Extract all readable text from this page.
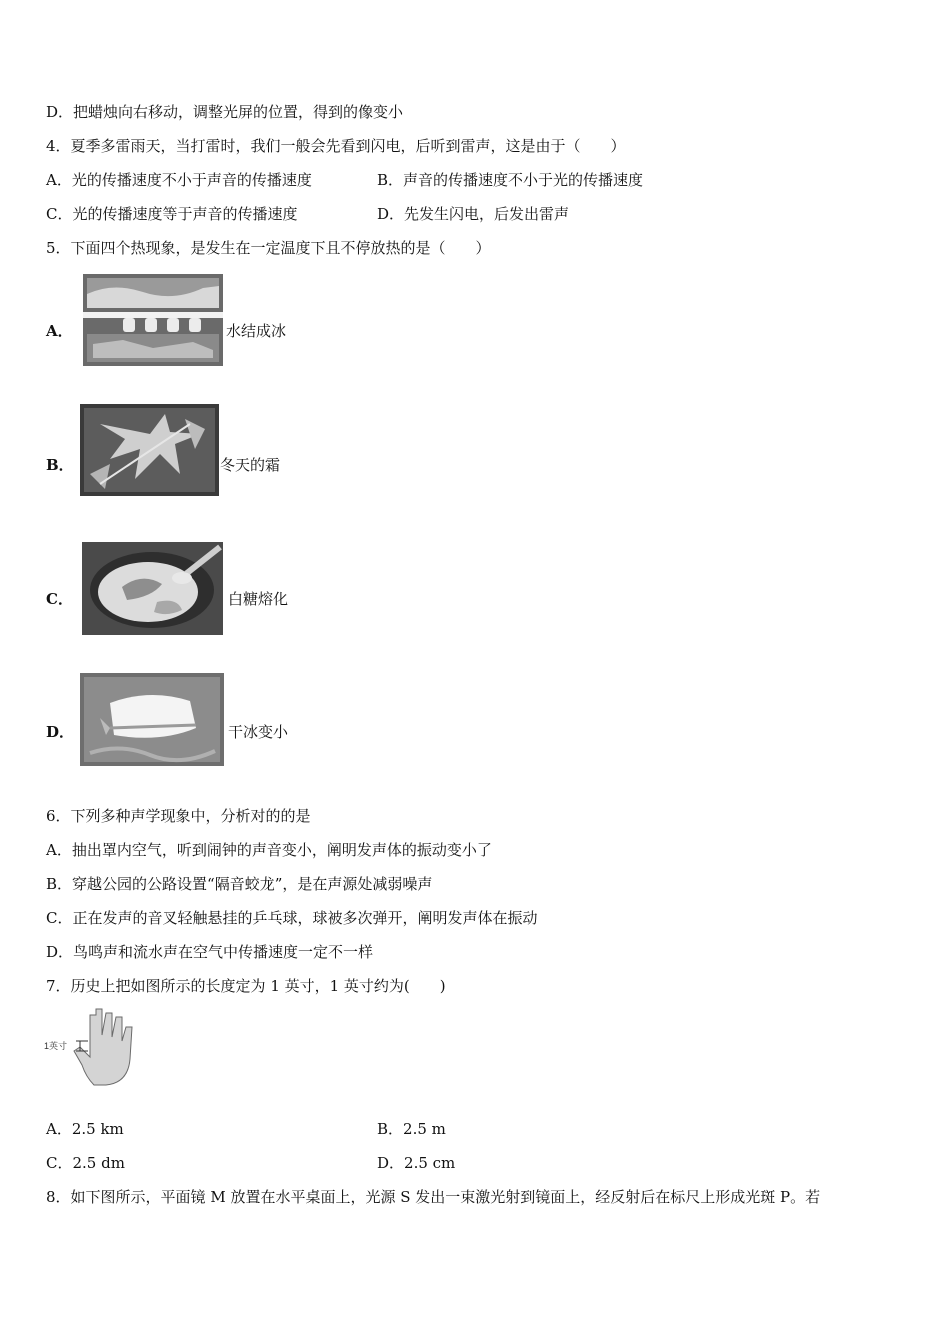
D．把蜡烛向右移动，调整光屏的位置，得到的像变小
4．夏季多雷雨天，当打雷时，我们一般会先看到闪电，后听到雷声，这是由于（　　）
A．光的传播速度不小于声音的传播速度	B．声音的传播速度不小于光的传播速度
C．光的传播速度等于声音的传播速度	D．先发生闪电，后发出雷声
5．下面四个热现象，是发生在一定温度下且不停放热的是（　　）
A．	水结成冰
B．	冬天的霜
C．	白糖熔化
D．	干冰变小
6．下列多种声学现象中，分析对的的是
A．抽出罩内空气，听到闹钟的声音变小，阐明发声体的振动变小了
B．穿越公园的公路设置“隔音蛟龙”，是在声源处减弱噪声
C．正在发声的音叉轻触悬挂的乒乓球，球被多次弹开，阐明发声体在振动
D．鸟鸣声和流水声在空气中传播速度一定不一样
7．历史上把如图所示的长度定为 1 英寸，1 英寸约为(　　)
1英寸
A．2.5 km	B．2.5 m
C．2.5 dm	D．2.5 cm
8．如下图所示，平面镜 M 放置在水平桌面上，光源 S 发出一束激光射到镜面上，经反射后在标尺上形成光斑 P。若
